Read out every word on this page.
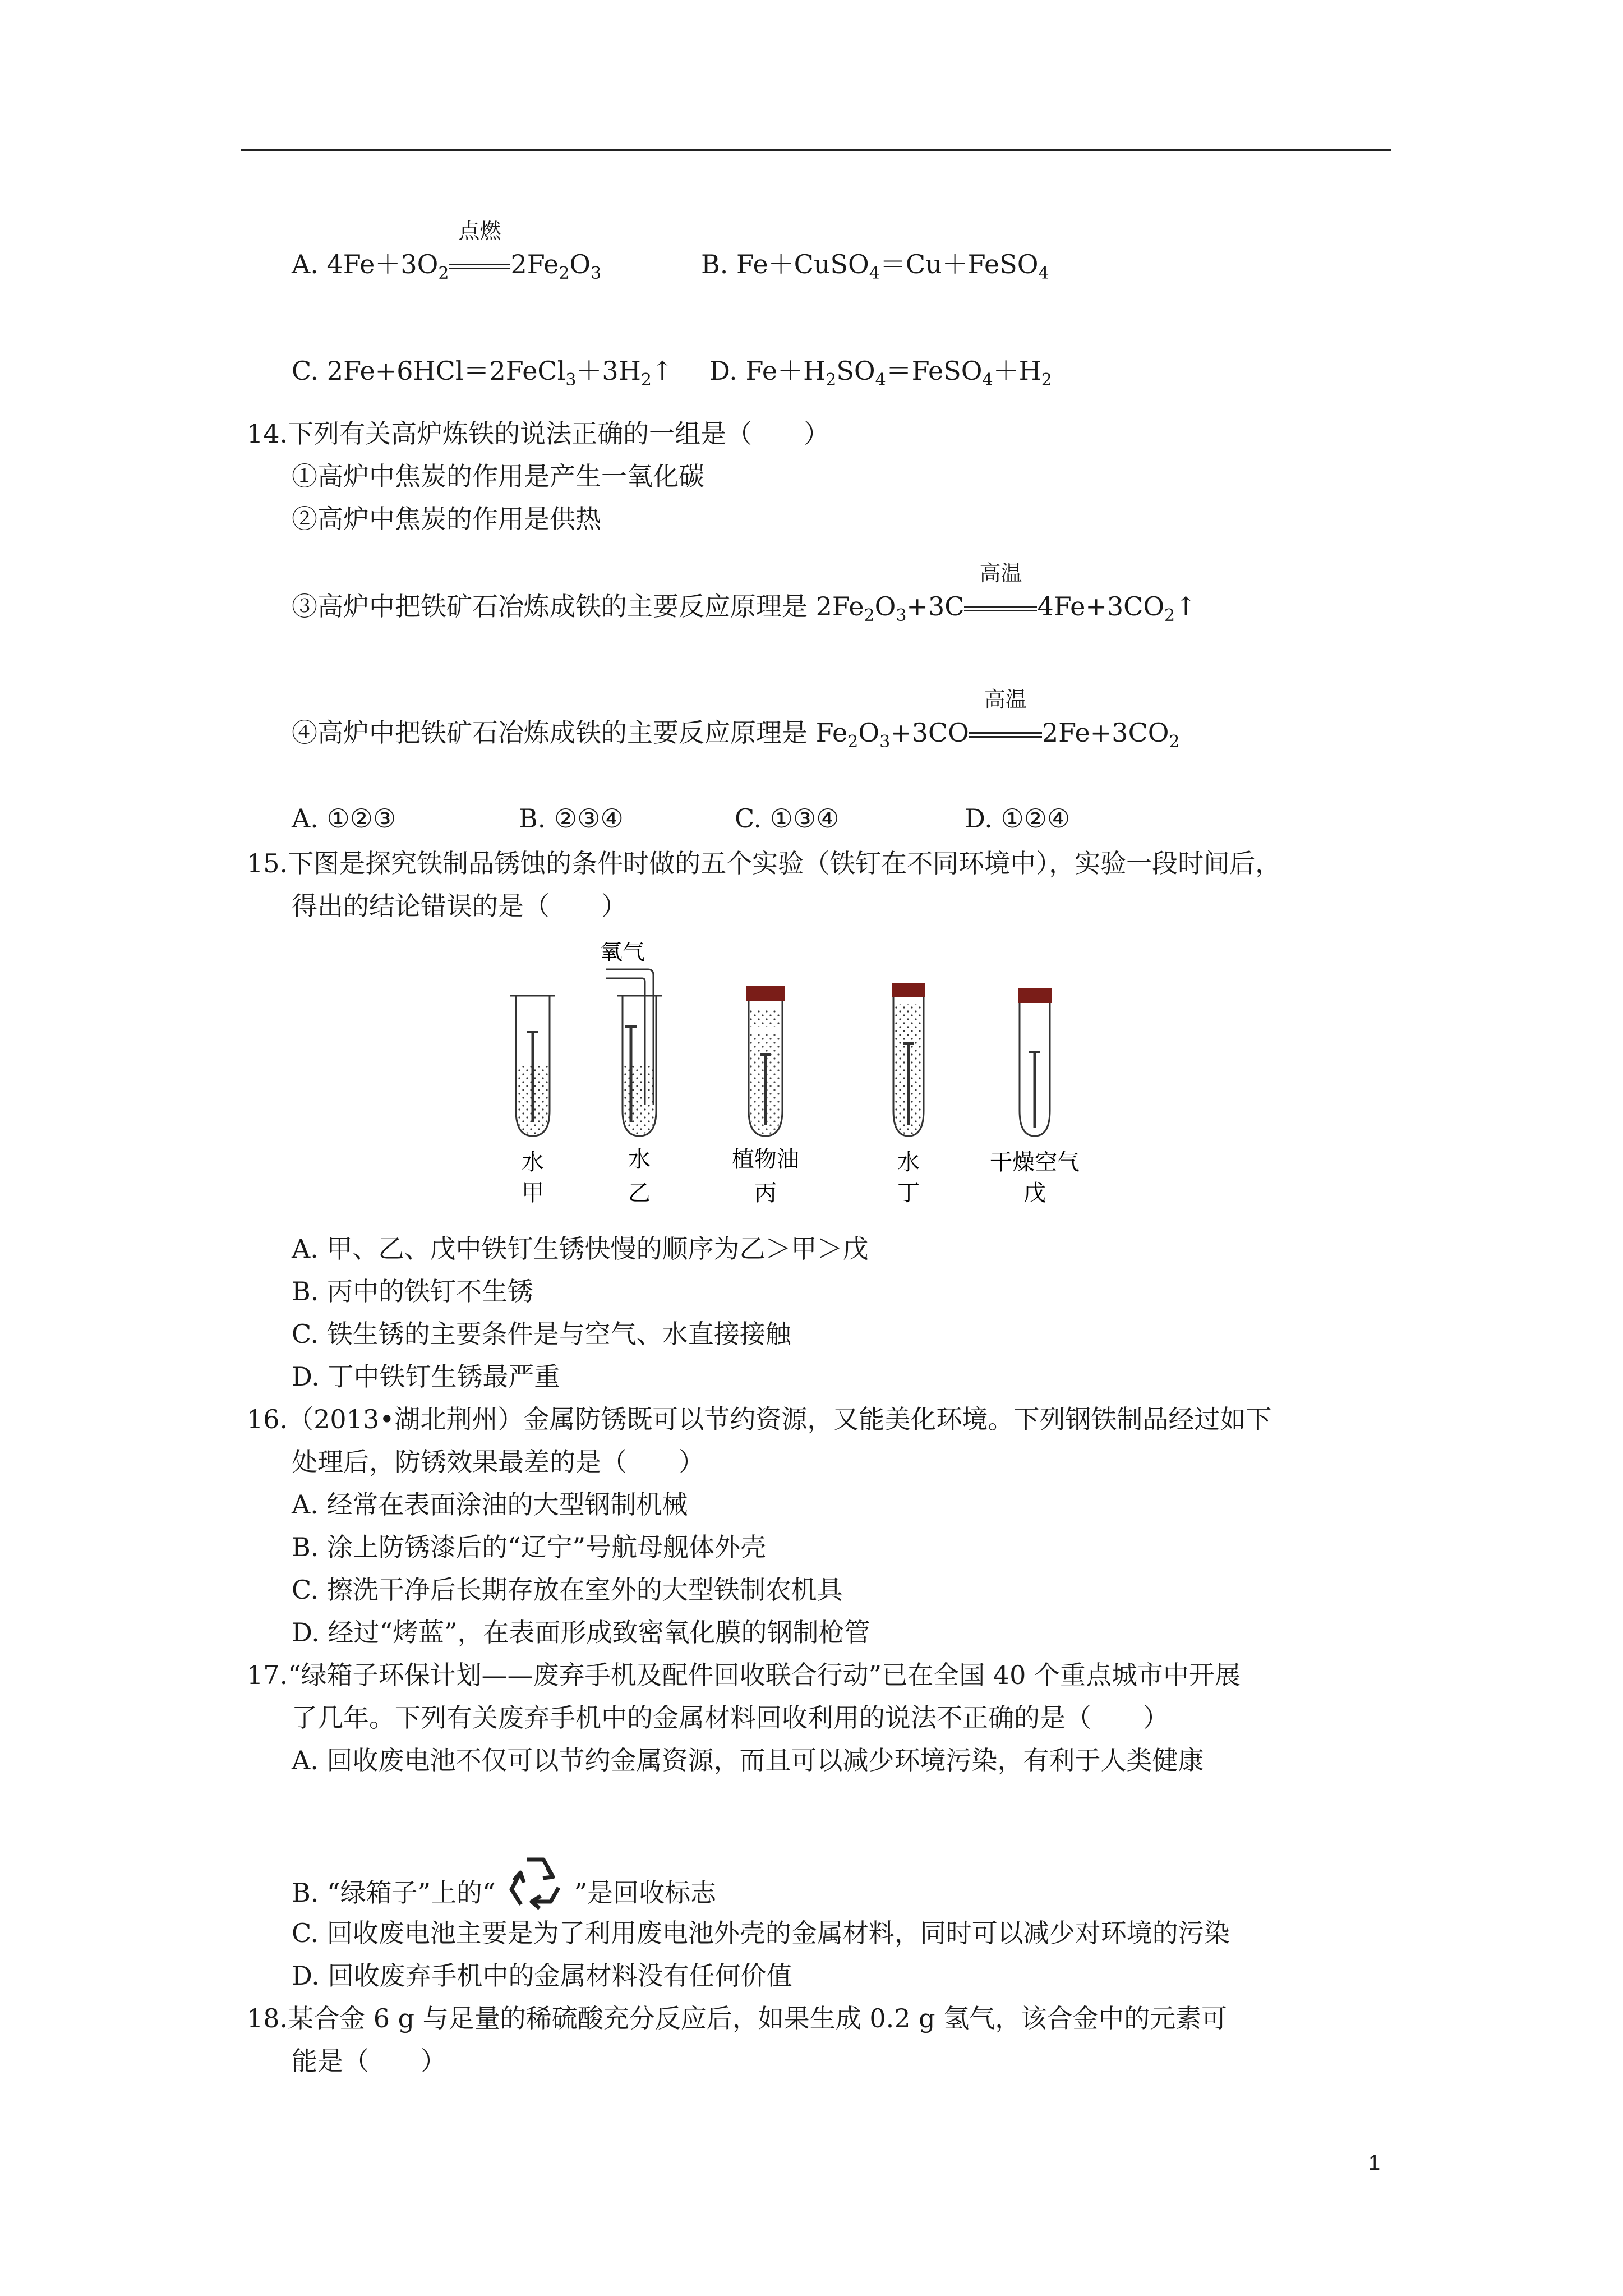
A. $4Fe+3O_2$
点燃
$2Fe_2O_3$	B. Fe＋CuSO$_4$＝Cu＋FeSO$_4$
C. $2Fe+6HCl=2FeCl_3+3H_2↑$ D. $Fe+H_2SO_4=FeSO_4+H_2$
14.下列有关高炉炼铁的说法正确的一组是（　　）
①高炉中焦炭的作用是产生一氧化碳
②高炉中焦炭的作用是供热
③高炉中把铁矿石冶炼成铁的主要反应原理是 $2Fe_2O_3+3C$
高温
$4Fe+3CO_2↑$
④高炉中把铁矿石冶炼成铁的主要反应原理是 $Fe_2O_3+3CO$
高温
$2Fe+3CO_2$
A. ①②③	B. ②③④	C. ①③④	D. ①②④
15.下图是探究铁制品锈蚀的条件时做的五个实验（铁钉在不同环境中），实验一段时间后，
得出的结论错误的是（　　）
氧气
水
甲
水
乙
植物油
丙
水
丁
干燥空气
戊
A. 甲、乙、戊中铁钉生锈快慢的顺序为乙＞甲＞戊
B. 丙中的铁钉不生锈
C. 铁生锈的主要条件是与空气、水直接接触
D. 丁中铁钉生锈最严重
16.（2013•湖北荆州）金属防锈既可以节约资源，又能美化环境。下列钢铁制品经过如下
处理后，防锈效果最差的是（　　）
A. 经常在表面涂油的大型钢制机械
B. 涂上防锈漆后的“辽宁”号航母舰体外壳
C. 擦洗干净后长期存放在室外的大型铁制农机具
D. 经过“烤蓝”，在表面形成致密氧化膜的钢制枪管
17.“绿箱子环保计划——废弃手机及配件回收联合行动”已在全国 40 个重点城市中开展
了几年。下列有关废弃手机中的金属材料回收利用的说法不正确的是（　　）
A. 回收废电池不仅可以节约金属资源，而且可以减少环境污染，有利于人类健康
B. “绿箱子”上的“	”是回收标志
C. 回收废电池主要是为了利用废电池外壳的金属材料，同时可以减少对环境的污染
D. 回收废弃手机中的金属材料没有任何价值
18.某合金 6 g 与足量的稀硫酸充分反应后，如果生成 0.2 g 氢气，该合金中的元素可
能是（　　）
1
